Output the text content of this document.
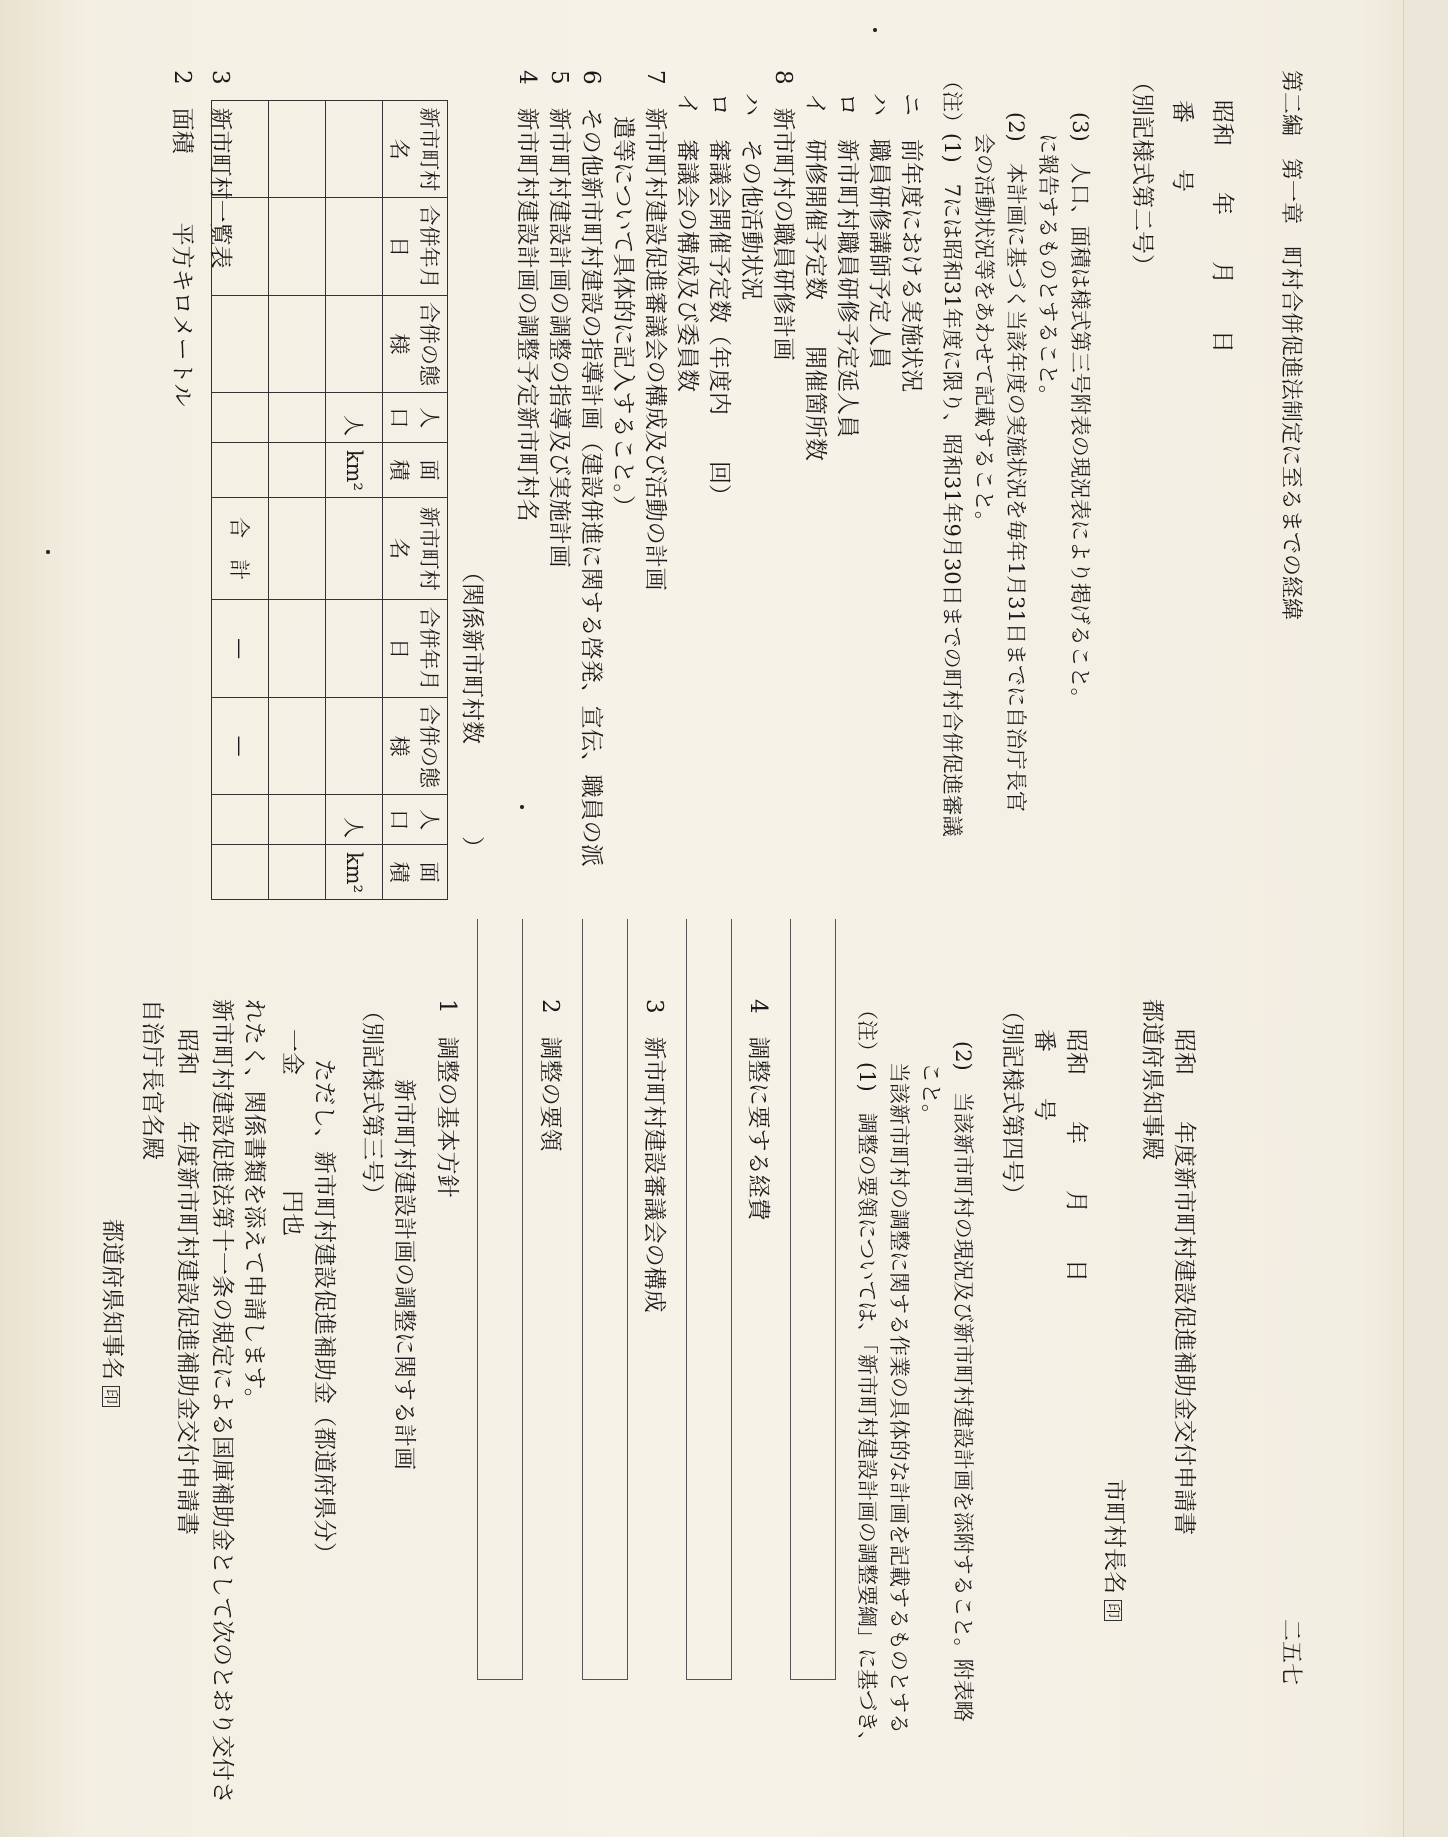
2　面積　　　平方キロメートル 3　新市町村一覧表	新市町村名	合併年月日	合併の態様	人口	面積	新市町村名	合併年月日	合併の態様	人口	面積
			人	km²				人	km²

					合　計	—	—			（関係新市町村数　　　　）
4　新市町村建設計画の調整予定新市町村名 5　新市町村建設計画の調整の指導及び実施計画 6　その他新市町村建設の指導計画（建設併進に関する啓発、宣伝、職員の派 　　遣等について具体的に記入すること。） 7　新市町村建設促進審議会の構成及び活動の計画 　イ　審議会の構成及び委員数 　ロ　審議会開催予定数（年度内　　回） 　ハ　その他活動状況 8　新市町村の職員研修計画 　イ　研修開催予定数　　開催箇所数 　ロ　新市町村職員研修予定延人員 　ハ　職員研修講師予定人員 　ニ　前年度における実施状況 （注）(1)　7には昭和31年度に限り、昭和31年9月30日までの町村合併促進審議 　　　会の活動状況等をあわせて記載すること。 　　(2)　本計画に基づく当該年度の実施状況を毎年1月31日までに自治庁長官 　　　に報告するものとすること。 　　(3)　人口、面積は様式第三号附表の現況表により掲げること。 （別記様式第二号） 番　　号 昭和　　年　　月　　日 第二編　第一章　町村合併促進法制定に至るまでの経緯
都道府県知事名印
自治庁長官名殿 昭和　　年度新市町村建設促進補助金交付申請書 新市町村建設促進法第十一条の規定による国庫補助金として次のとおり交付さ れたく、関係書類を添えて申請します。 一金　　　　　円也 ただし、新市町村建設促進補助金（都道府県分） （別記様式第三号） 新市町村建設計画の調整に関する計画 1　調整の基本方針	2　調整の要領	3　新市町村建設審議会の構成	4　調整に要する経費	（注）(1)　調整の要領については、「新市町村建設計画の調整要綱」に基づき、 　　　当該新市町村の調整に関する作業の具体的な計画を記載するものとする 　　　こと。 　　(2)　当該新市町村の現況及び新市町村建設計画を添附すること。附表略 （別記様式第四号） 番　　号 昭和　　年　　月　　日
市町村長名印
都道府県知事殿 昭和　　年度新市町村建設促進補助金交付申請書
二五七
